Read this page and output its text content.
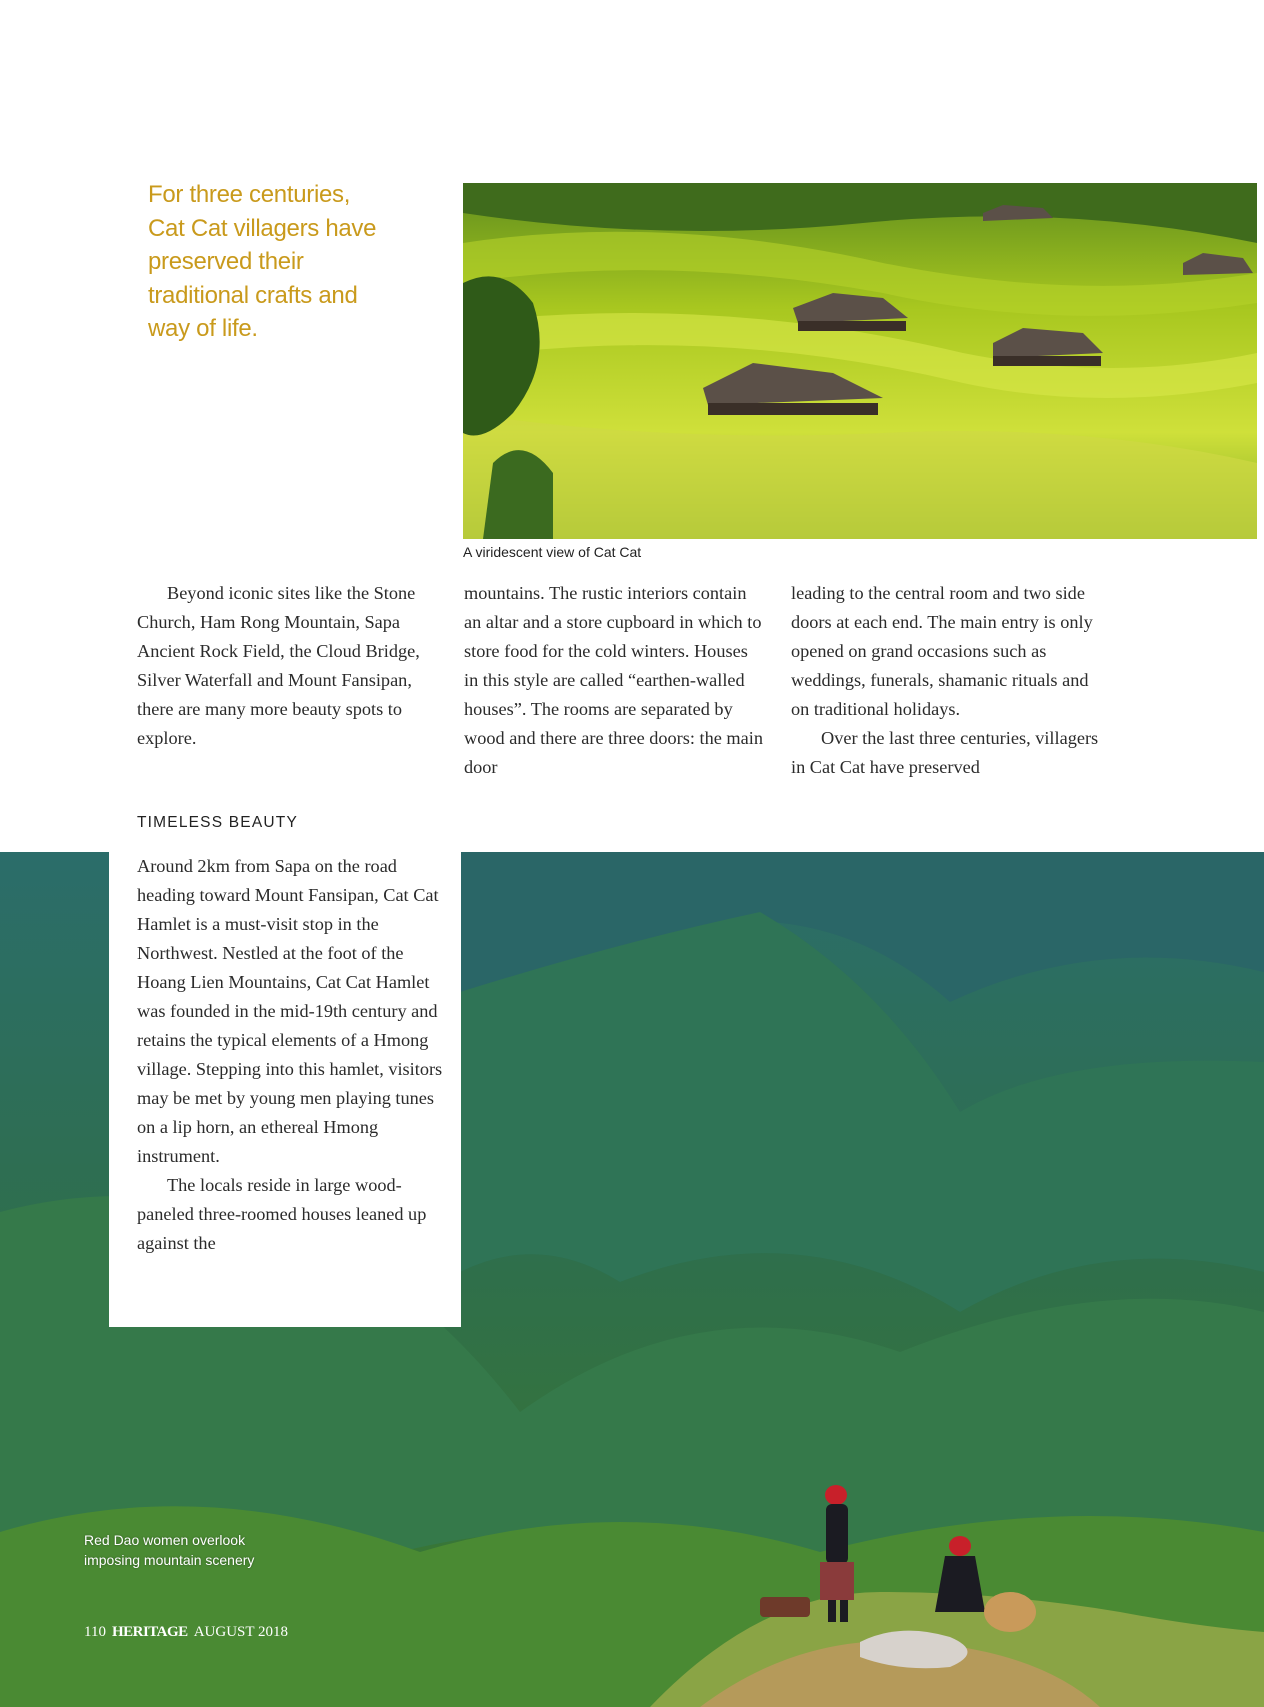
For three centuries, Cat Cat villagers have preserved their traditional crafts and way of life.
A viridescent view of Cat Cat

Beyond iconic sites like the Stone Church, Ham Rong Mountain, Sapa Ancient Rock Field, the Cloud Bridge, Silver Waterfall and Mount Fansipan, there are many more beauty spots to explore.

TIMELESS BEAUTY

mountains. The rustic interiors contain an altar and a store cupboard in which to store food for the cold winters. Houses in this style are called “earthen-walled houses”. The rooms are separated by wood and there are three doors: the main door

leading to the central room and two side doors at each end. The main entry is only opened on grand occasions such as weddings, funerals, shamanic rituals and on traditional holidays.

Over the last three centuries, villagers in Cat Cat have preserved

Around 2km from Sapa on the road heading toward Mount Fansipan, Cat Cat Hamlet is a must-visit stop in the Northwest. Nestled at the foot of the Hoang Lien Mountains, Cat Cat Hamlet was founded in the mid-19th century and retains the typical elements of a Hmong village. Stepping into this hamlet, visitors may be met by young men playing tunes on a lip horn, an ethereal Hmong instrument.

The locals reside in large wood-paneled three-roomed houses leaned up against the

Red Dao women overlook imposing mountain scenery
110 HERITAGE AUGUST 2018
